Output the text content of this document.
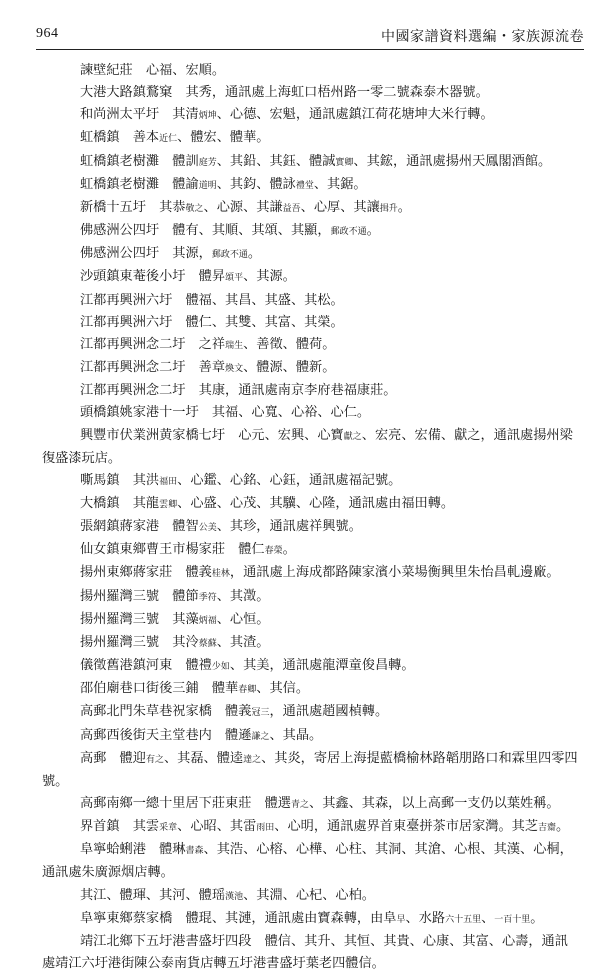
964	中國家譜資料選編・家族源流卷

諫壁紀莊　心福、宏順。

大港大路鎮鶩窠　其秀，通訊處上海虹口梧州路一零二號森泰木器號。

和尚洲太平圩　其清炳坤、心德、宏魁，通訊處鎮江荷花塘坤大米行轉。

虹橋鎮　善本近仁、體宏、體華。

虹橋鎮老樹灘　體訓庭芳、其鉛、其鈺、體誠實卿、其鋐，通訊處揚州天鳳閣酒館。

虹橋鎮老樹灘　體諭道明、其鈞、體詠禮堂、其鋸。

新橋十五圩　其恭敬之、心源、其謙益吾、心厚、其讓揖升。

佛感洲公四圩　體有、其順、其頌、其顯，郵政不通。

佛感洲公四圩　其源，郵政不通。

沙頭鎮東菴後小圩　體昇頌平、其源。

江都再興洲六圩　體福、其昌、其盛、其松。

江都再興洲六圩　體仁、其雙、其富、其榮。

江都再興洲念二圩　之祥瑞生、善徵、體荷。

江都再興洲念二圩　善章煥文、體源、體新。

江都再興洲念二圩　其康，通訊處南京李府巷福康莊。

頭橋鎮姚家港十一圩　其福、心寬、心裕、心仁。

興豐市伏業洲黄家橋七圩　心元、宏興、心寶獻之、宏亮、宏備、獻之，通訊處揚州梁復盛漆玩店。

嘶馬鎮　其洪福田、心鑑、心銘、心鈺，通訊處福記號。

大橋鎮　其龍雲卿、心盛、心茂、其驥、心隆，通訊處由福田轉。

張網鎮蔣家港　體智公美、其珍，通訊處祥興號。

仙女鎮東鄉曹王市楊家莊　體仁春榮。

揚州東鄉蔣家莊　體義桂林，通訊處上海成都路陳家濱小菜場衡興里朱怡昌軋邊廠。

揚州羅灣三號　體節季符、其澂。

揚州羅灣三號　其藻炳福、心恒。

揚州羅灣三號　其泠蔡蘇、其渣。

儀徵舊港鎮河東　體禮少如、其美，通訊處龍潭童俊昌轉。

邵伯廟巷口街後三鋪　體華春卿、其信。

高郵北門朱草巷祝家橋　體義冠三，通訊處趙國楨轉。

高郵西後街天主堂巷内　體遜謙之、其晶。

高郵　體迎有之、其磊、體逵達之、其炎，寄居上海提藍橋榆林路韜朋路口和霖里四零四號。

高郵南鄉一總十里居下莊東莊　體選青之、其鑫、其森，以上高郵一支仍以葉姓稱。

界首鎮　其雲采章、心昭、其雷雨田、心明，通訊處界首東臺拼茶市居家灣。其芝吉齋。

阜寧蛤蜊港　體琳書森、其浩、心榕、心樺、心柱、其洞、其滄、心根、其漢、心桐，通訊處朱廣源烟店轉。

其江、體琿、其河、體瑶漢池、其淵、心杞、心柏。

阜寧東鄉蔡家橋　體琨、其漣，通訊處由寶森轉，由阜早、水路六十五里、一百十里。

靖江北鄉下五圩港書盛圩四段　體信、其升、其恒、其貴、心康、其富、心壽，通訊處靖江六圩港街陳公泰南貨店轉五圩港書盛圩葉老四體信。
